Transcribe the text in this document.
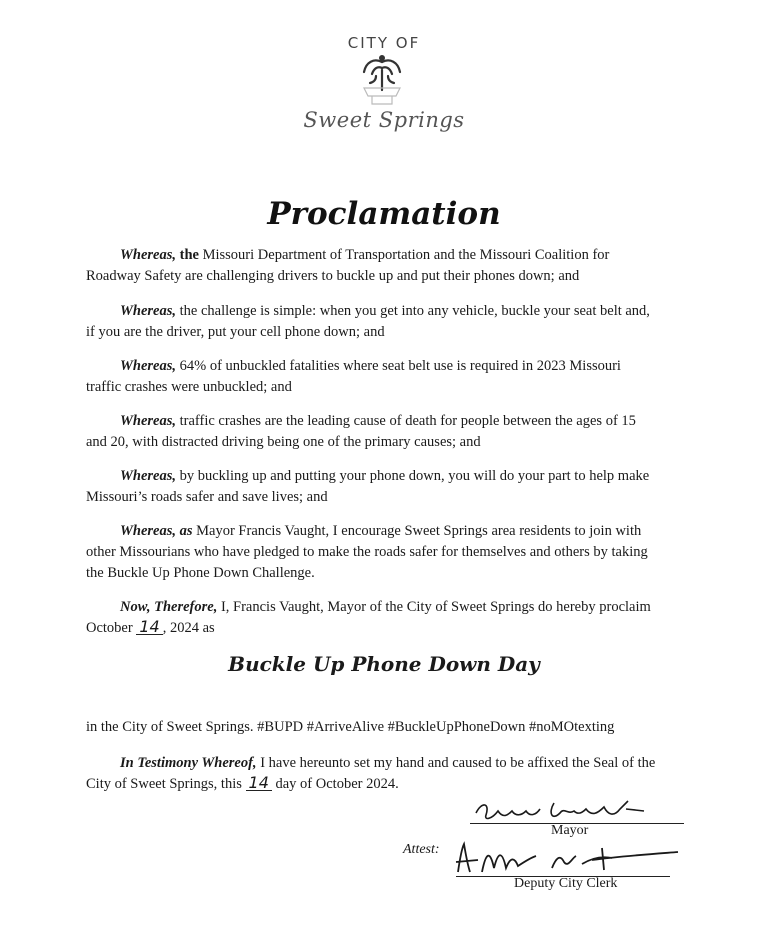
CITY OF
Sweet Springs
Proclamation

Whereas, the Missouri Department of Transportation and the Missouri Coalition for

Roadway Safety are challenging drivers to buckle up and put their phones down; and

Whereas, the challenge is simple: when you get into any vehicle, buckle your seat belt and,

if you are the driver, put your cell phone down; and

Whereas, 64% of unbuckled fatalities where seat belt use is required in 2023 Missouri

traffic crashes were unbuckled; and

Whereas, traffic crashes are the leading cause of death for people between the ages of 15

and 20, with distracted driving being one of the primary causes; and

Whereas, by buckling up and putting your phone down, you will do your part to help make

Missouri’s roads safer and save lives; and

Whereas, as Mayor Francis Vaught, I encourage Sweet Springs area residents to join with

other Missourians who have pledged to make the roads safer for themselves and others by taking

the Buckle Up Phone Down Challenge.

Now, Therefore, I, Francis Vaught, Mayor of the City of Sweet Springs do hereby proclaim

October 14 , 2024 as

Buckle Up Phone Down Day
in the City of Sweet Springs. #BUPD #ArriveAlive #BuckleUpPhoneDown #noMOtexting

In Testimony Whereof, I have hereunto set my hand and caused to be affixed the Seal of the

City of Sweet Springs, this 14 day of October 2024.

Mayor
Attest:
Deputy City Clerk
